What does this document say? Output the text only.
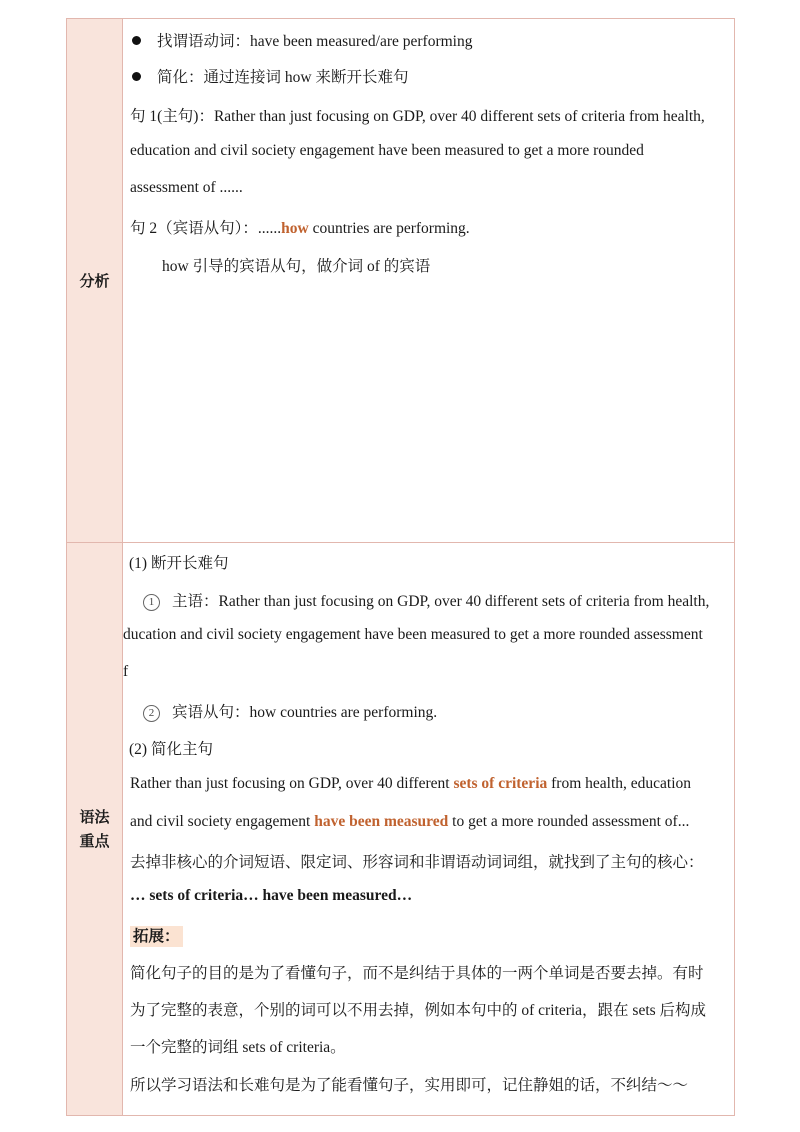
分析
找谓语动词：have been measured/are performing
简化：通过连接词 how 来断开长难句
句 1(主句)：Rather than just focusing on GDP, over 40 different sets of criteria from health,
education and civil society engagement have been measured to get a more rounded
assessment of ......
句 2（宾语从句）：......how countries are performing.
how 引导的宾语从句，做介词 of 的宾语
语法
重点
(1) 断开长难句
1 主语：Rather than just focusing on GDP, over 40 different sets of criteria from health,
ducation and civil society engagement have been measured to get a more rounded assessment
f
2 宾语从句：how countries are performing.
(2) 简化主句
Rather than just focusing on GDP, over 40 different sets of criteria from health, education
and civil society engagement have been measured to get a more rounded assessment of...
去掉非核心的介词短语、限定词、形容词和非谓语动词词组，就找到了主句的核心：
… sets of criteria… have been measured…
拓展：
简化句子的目的是为了看懂句子，而不是纠结于具体的一两个单词是否要去掉。有时
为了完整的表意，个别的词可以不用去掉，例如本句中的 of criteria，跟在 sets 后构成
一个完整的词组 sets of criteria。
所以学习语法和长难句是为了能看懂句子，实用即可，记住静姐的话，不纠结～～
